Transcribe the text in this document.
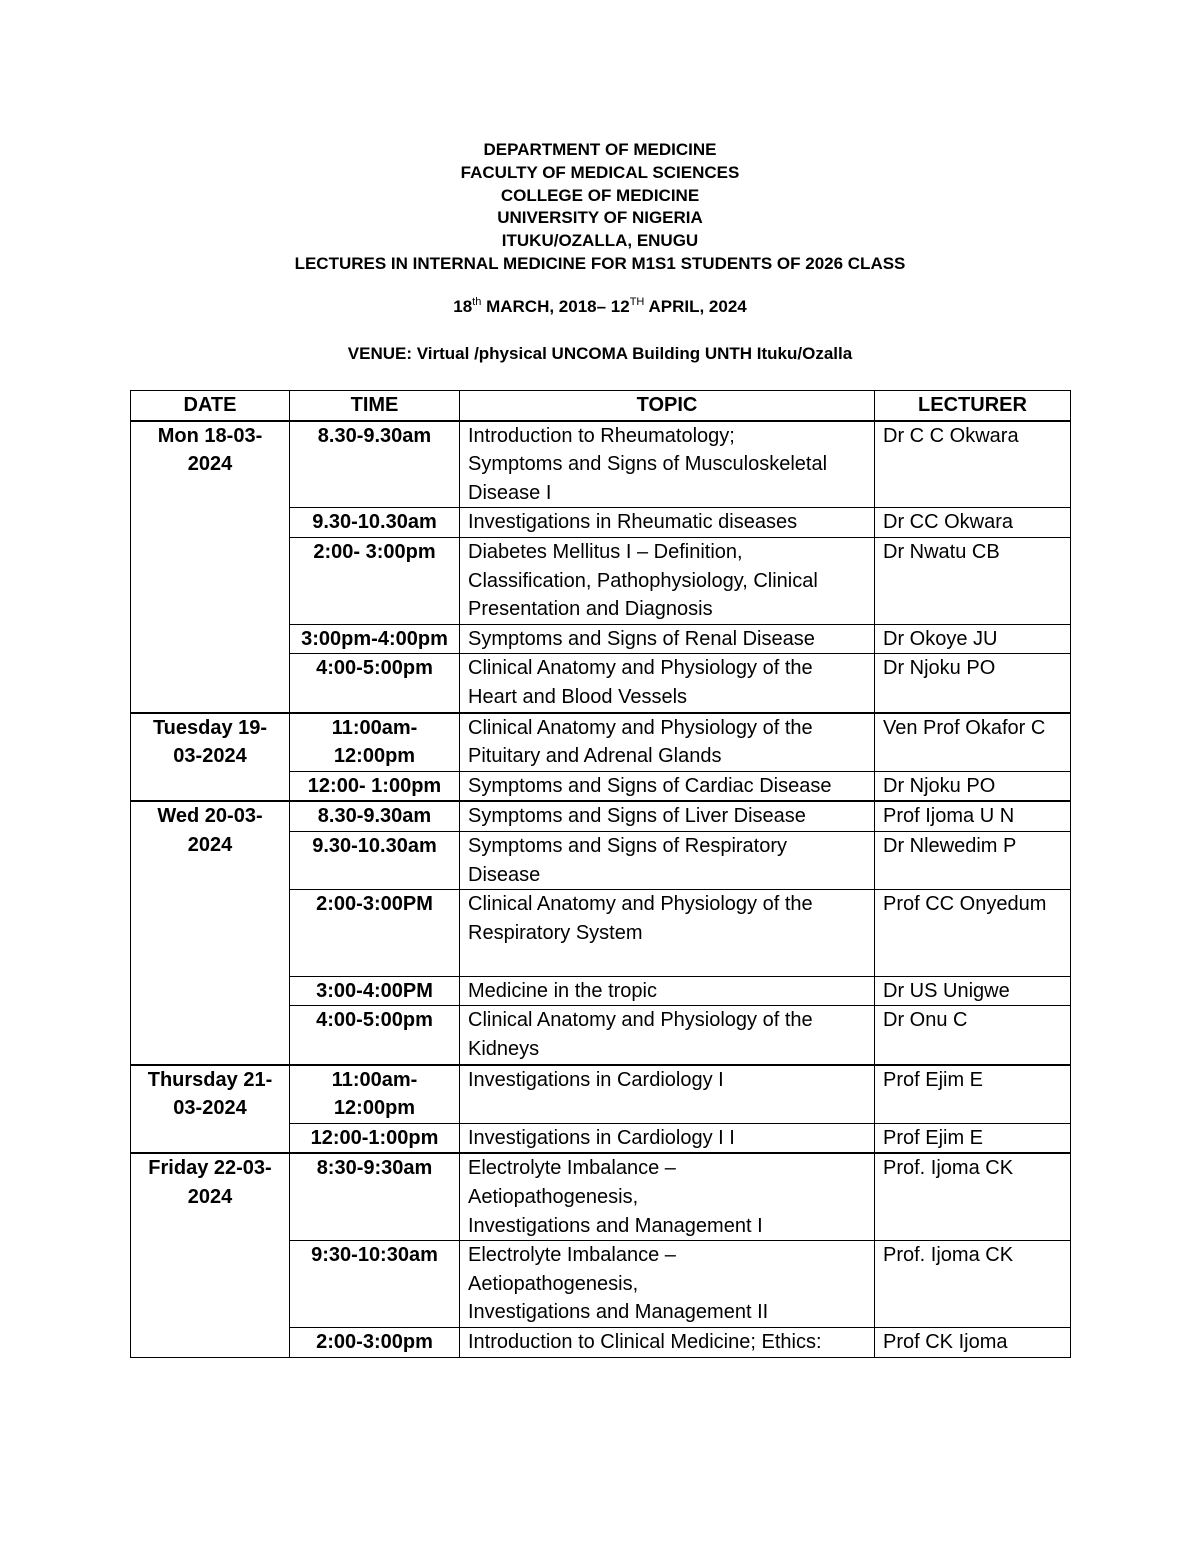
DEPARTMENT OF MEDICINE
FACULTY OF MEDICAL SCIENCES
COLLEGE OF MEDICINE
UNIVERSITY OF NIGERIA
ITUKU/OZALLA, ENUGU
LECTURES IN INTERNAL MEDICINE FOR M1S1 STUDENTS OF 2026 CLASS
18th MARCH, 2018– 12TH APRIL, 2024
VENUE: Virtual /physical UNCOMA Building UNTH Ituku/Ozalla
DATE	TIME	TOPIC	LECTURER
Mon 18-03-2024	8.30-9.30am	Introduction to Rheumatology;
Symptoms and Signs of Musculoskeletal
Disease I	Dr C C Okwara
	9.30-10.30am	Investigations in Rheumatic diseases	Dr CC Okwara
	2:00- 3:00pm	Diabetes Mellitus I – Definition,
Classification, Pathophysiology, Clinical
Presentation and Diagnosis	Dr Nwatu CB
	3:00pm-4:00pm	Symptoms and Signs of Renal Disease	Dr Okoye JU
	4:00-5:00pm	Clinical Anatomy and Physiology of the
Heart and Blood Vessels	Dr Njoku PO
Tuesday 19-03-2024	11:00am-12:00pm	Clinical Anatomy and Physiology of the
Pituitary and Adrenal Glands	Ven Prof Okafor C
	12:00- 1:00pm	Symptoms and Signs of Cardiac Disease	Dr Njoku PO
Wed 20-03-2024	8.30-9.30am	Symptoms and Signs of Liver Disease	Prof Ijoma U N
	9.30-10.30am	Symptoms and Signs of Respiratory
Disease	Dr Nlewedim P
	2:00-3:00PM	Clinical Anatomy and Physiology of the
Respiratory System	Prof CC Onyedum
	3:00-4:00PM	Medicine in the tropic	Dr US Unigwe
	4:00-5:00pm	Clinical Anatomy and Physiology of the
Kidneys	Dr Onu C
Thursday 21-03-2024	11:00am-12:00pm	Investigations in Cardiology I	Prof Ejim E
	12:00-1:00pm	Investigations in Cardiology I I	Prof Ejim E
Friday 22-03-2024	8:30-9:30am	Electrolyte Imbalance –
Aetiopathogenesis,
Investigations and Management I	Prof. Ijoma CK
	9:30-10:30am	Electrolyte Imbalance –
Aetiopathogenesis,
Investigations and Management II	Prof. Ijoma CK
	2:00-3:00pm	Introduction to Clinical Medicine; Ethics:	Prof CK Ijoma
